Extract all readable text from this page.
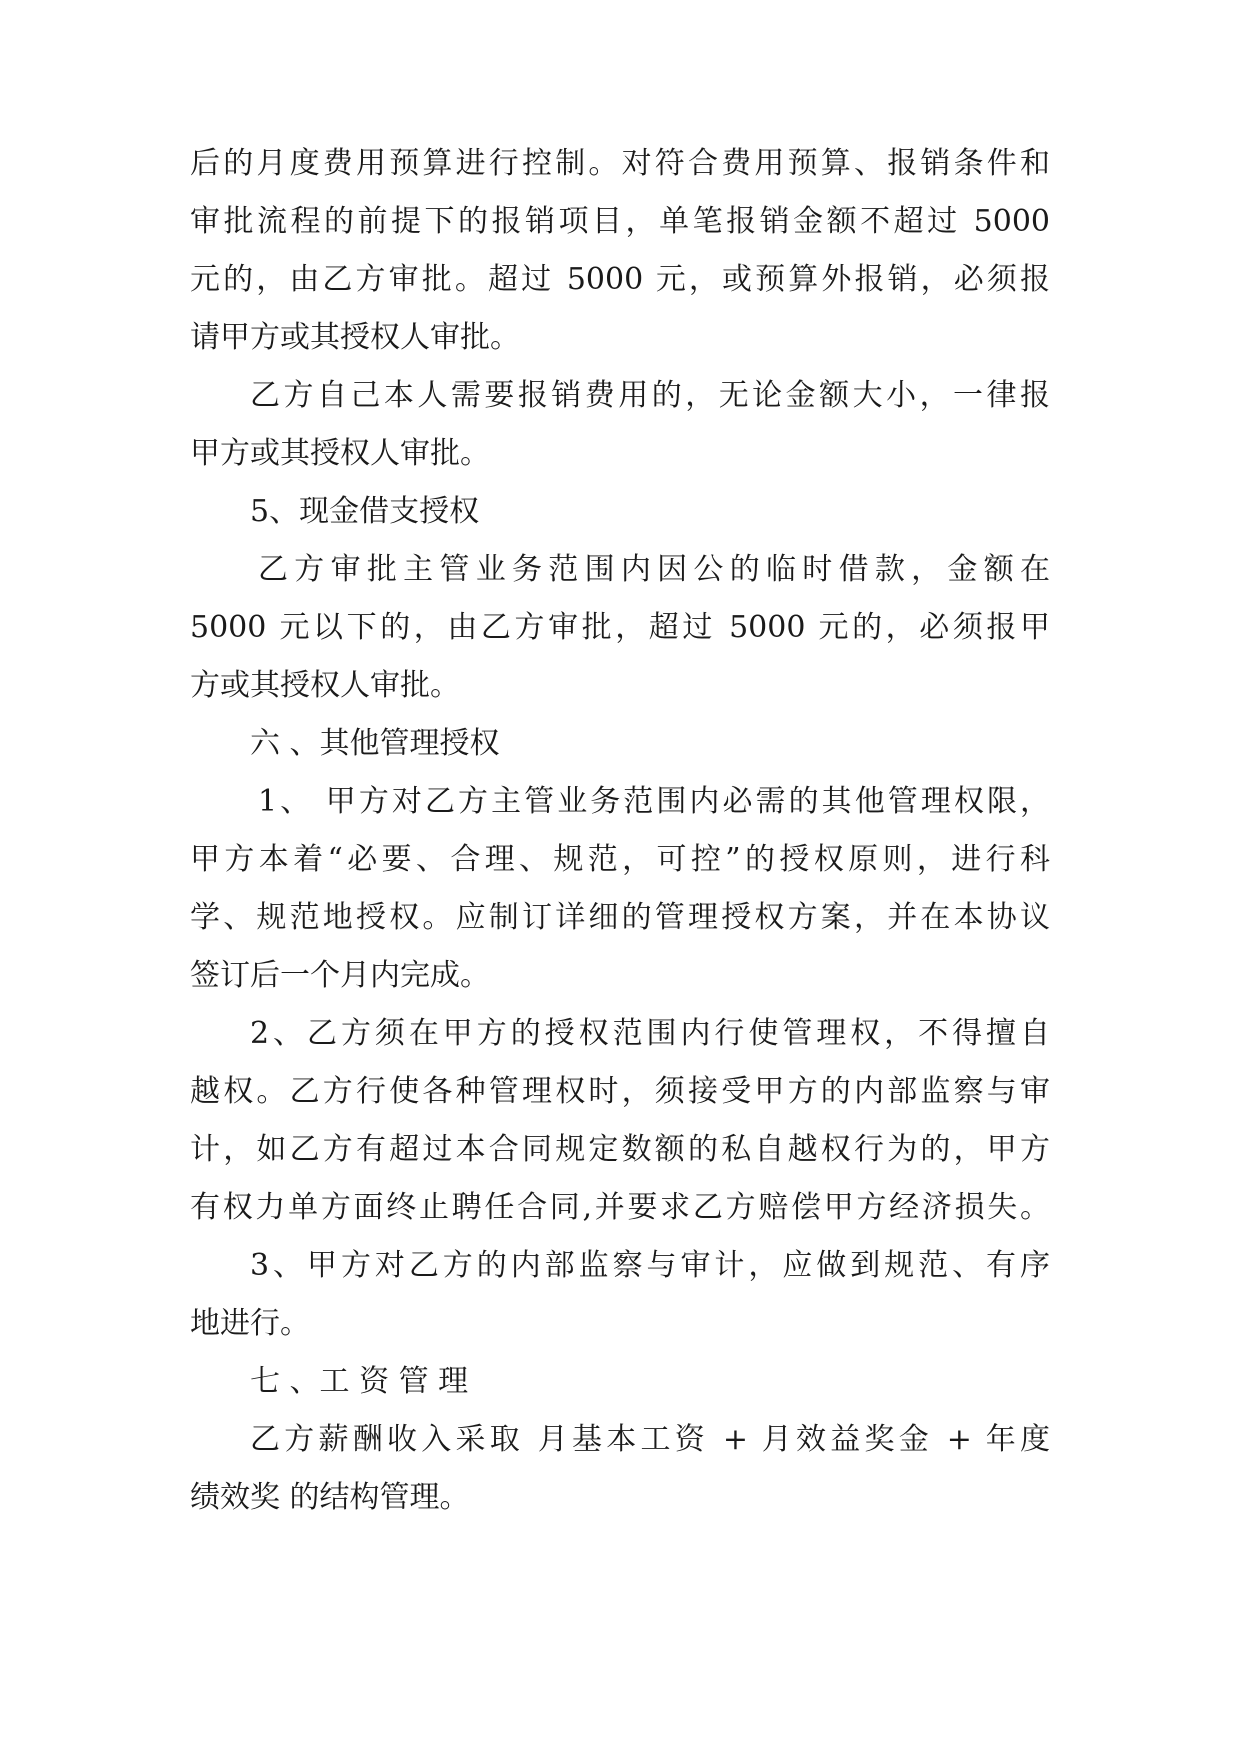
后的月度费用预算进行控制。对符合费用预算、报销条件和
审批流程的前提下的报销项目，单笔报销金额不超过 5000
元的，由乙方审批。超过 5000 元，或预算外报销，必须报
请甲方或其授权人审批。
乙方自己本人需要报销费用的，无论金额大小，一律报
甲方或其授权人审批。
5、现金借支授权
乙方审批主管业务范围内因公的临时借款，金额在
5000 元以下的，由乙方审批，超过 5000 元的，必须报甲
方或其授权人审批。
六 、其他管理授权
1、 甲方对乙方主管业务范围内必需的其他管理权限，
甲方本着“必要、合理、规范，可控”的授权原则，进行科
学、规范地授权。应制订详细的管理授权方案，并在本协议
签订后一个月内完成。
2、乙方须在甲方的授权范围内行使管理权，不得擅自
越权。乙方行使各种管理权时，须接受甲方的内部监察与审
计，如乙方有超过本合同规定数额的私自越权行为的，甲方
有权力单方面终止聘任合同,并要求乙方赔偿甲方经济损失。
3、甲方对乙方的内部监察与审计，应做到规范、有序
地进行。
七 、工 资 管 理
乙方薪酬收入采取 月基本工资 + 月效益奖金 + 年度
绩效奖 的结构管理。
